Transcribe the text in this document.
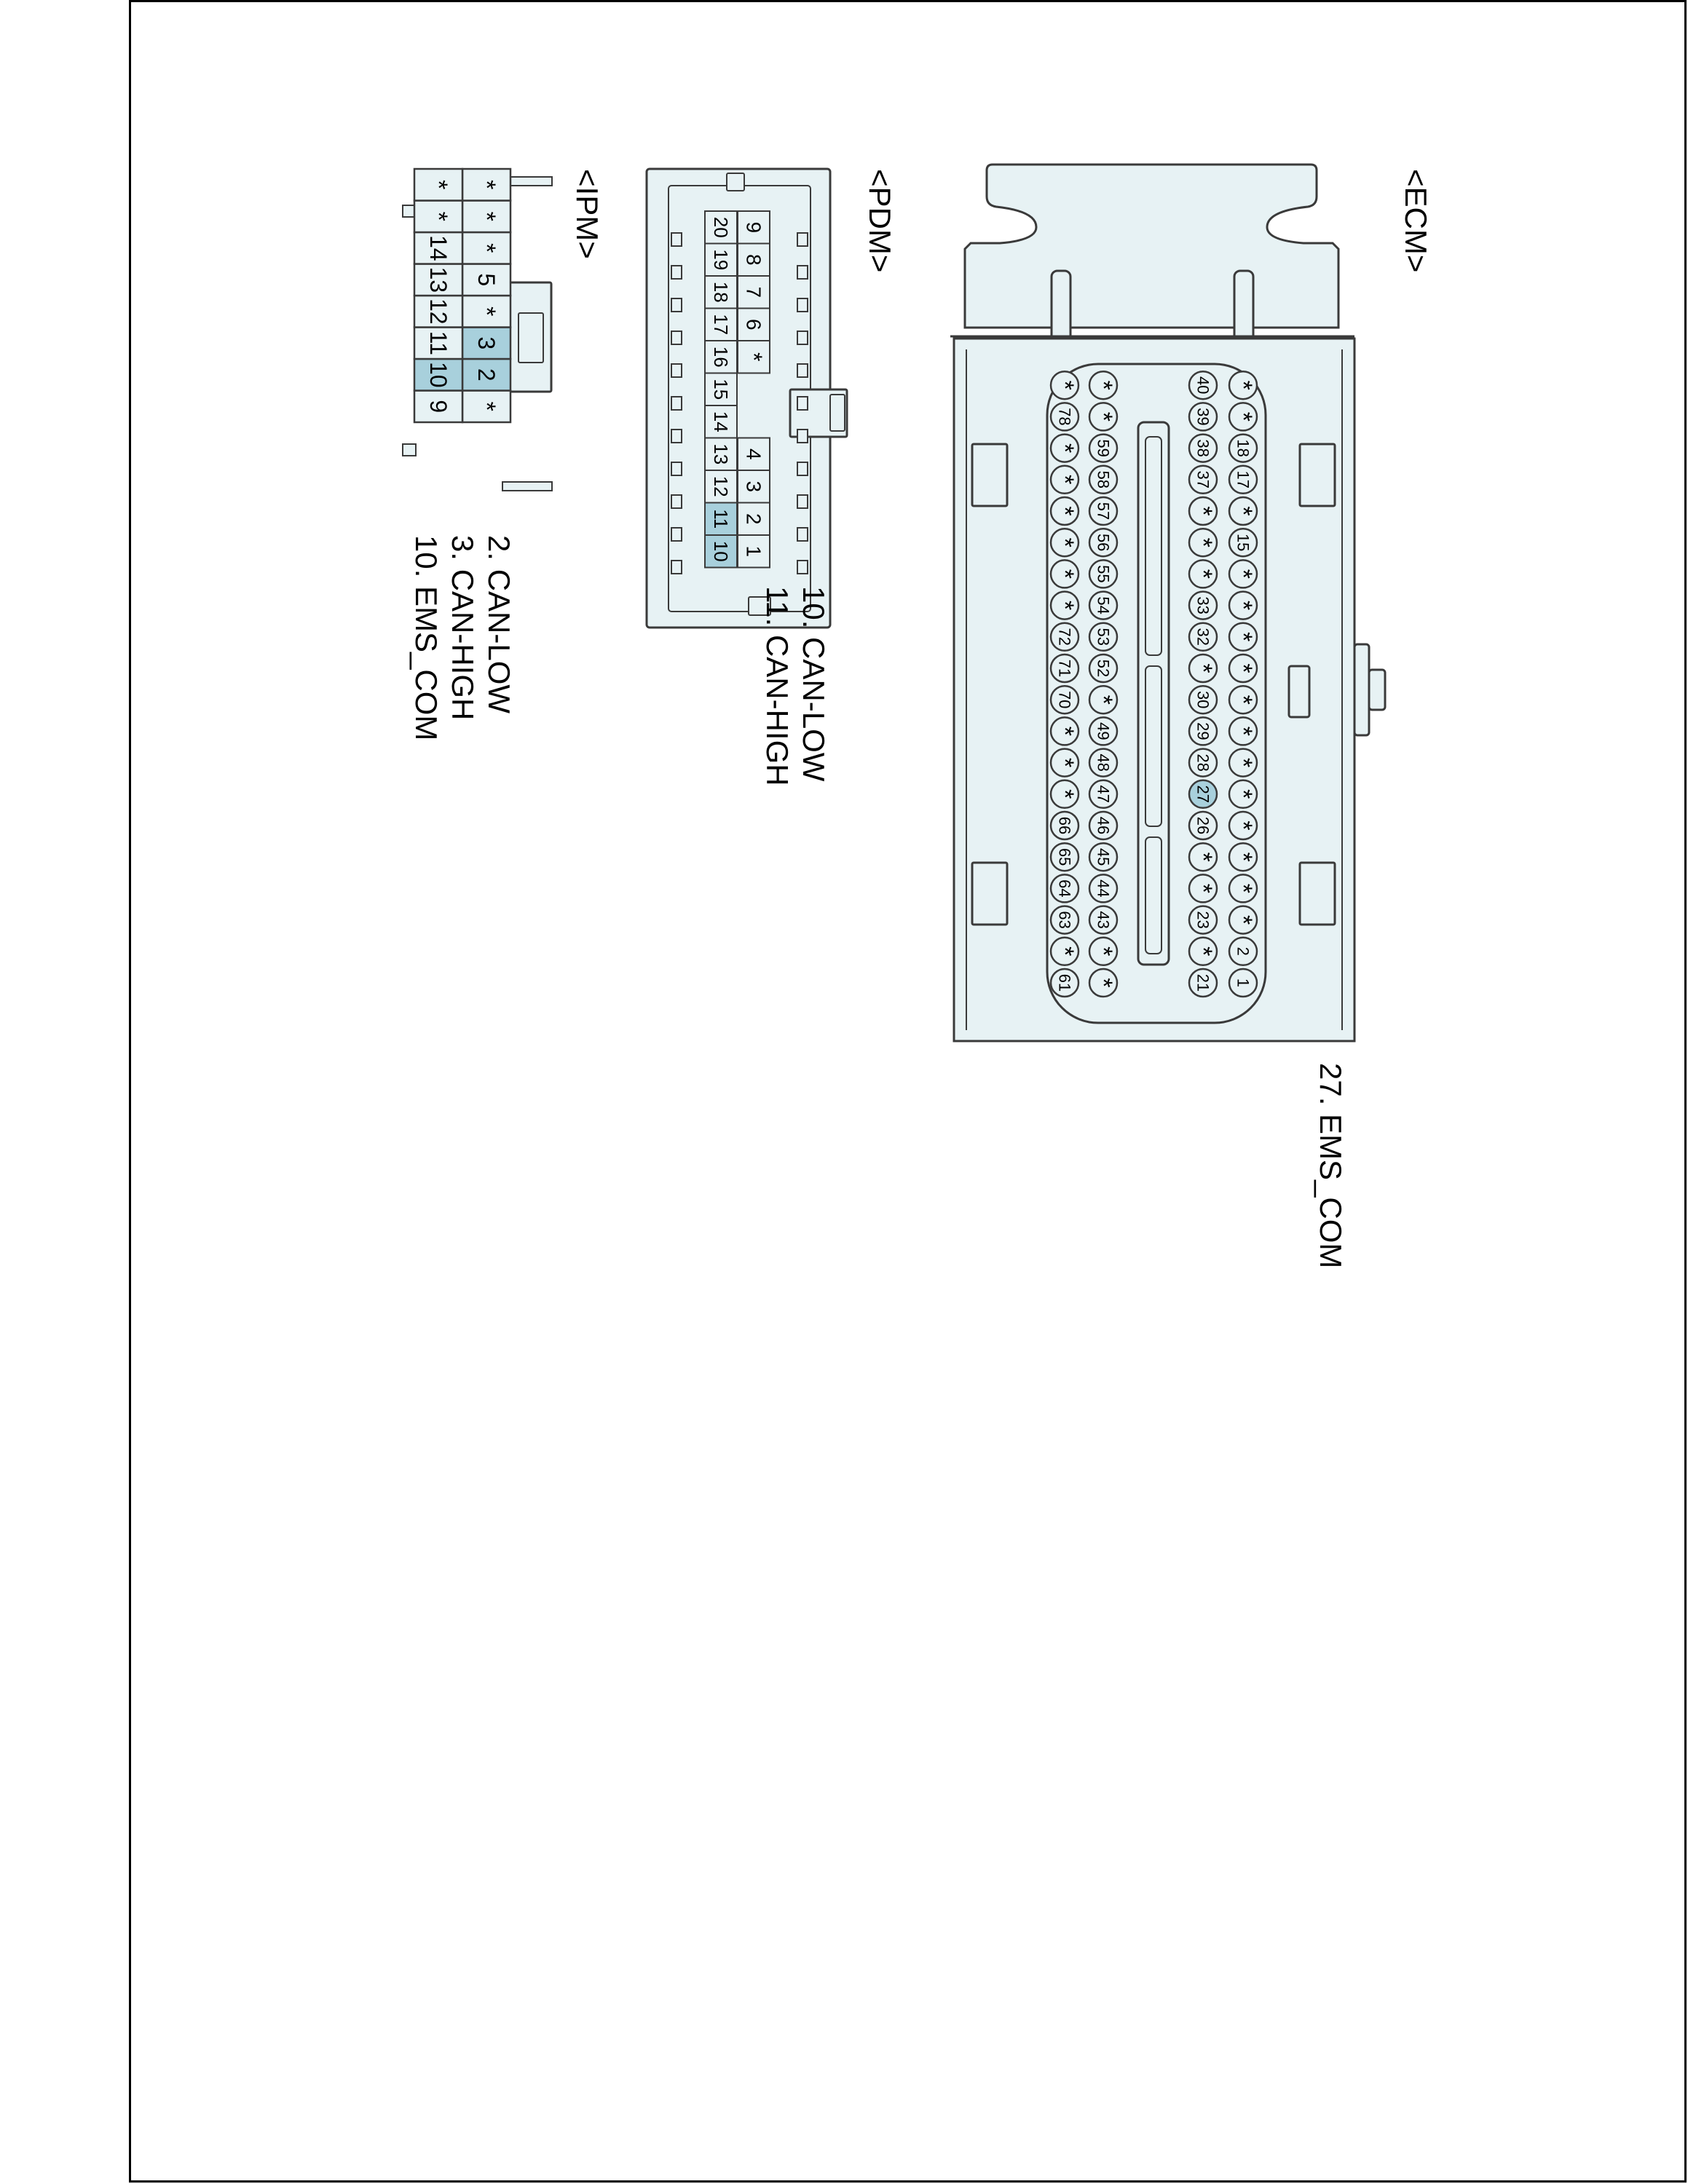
1
2
*
*
*
*
*
*
*
*
*
*
*
*
15
*
17
18
*
*
21
*
23
*
*
26
27
28
29
30
*
32
33
*
*
*
37
38
39
40
*
*
43
44
45
46
47
48
49
*
52
53
54
55
56
57
58
59
*
*
61
*
63
64
65
66
*
*
*
70
71
72
*
*
*
*
*
*
78
*
1
2
3
4
*
6
7
8
9
10
11
12
13
14
15
16
17
18
19
20
*
2
3
*
5
*
*
*
9
10
11
12
13
14
*
*	<ECM>
<PDM>
<IPM>
27. EMS_COM
10. CAN-LOW
11. CAN-HIGH
2. CAN-LOW
3. CAN-HIGH
10. EMS_COM
